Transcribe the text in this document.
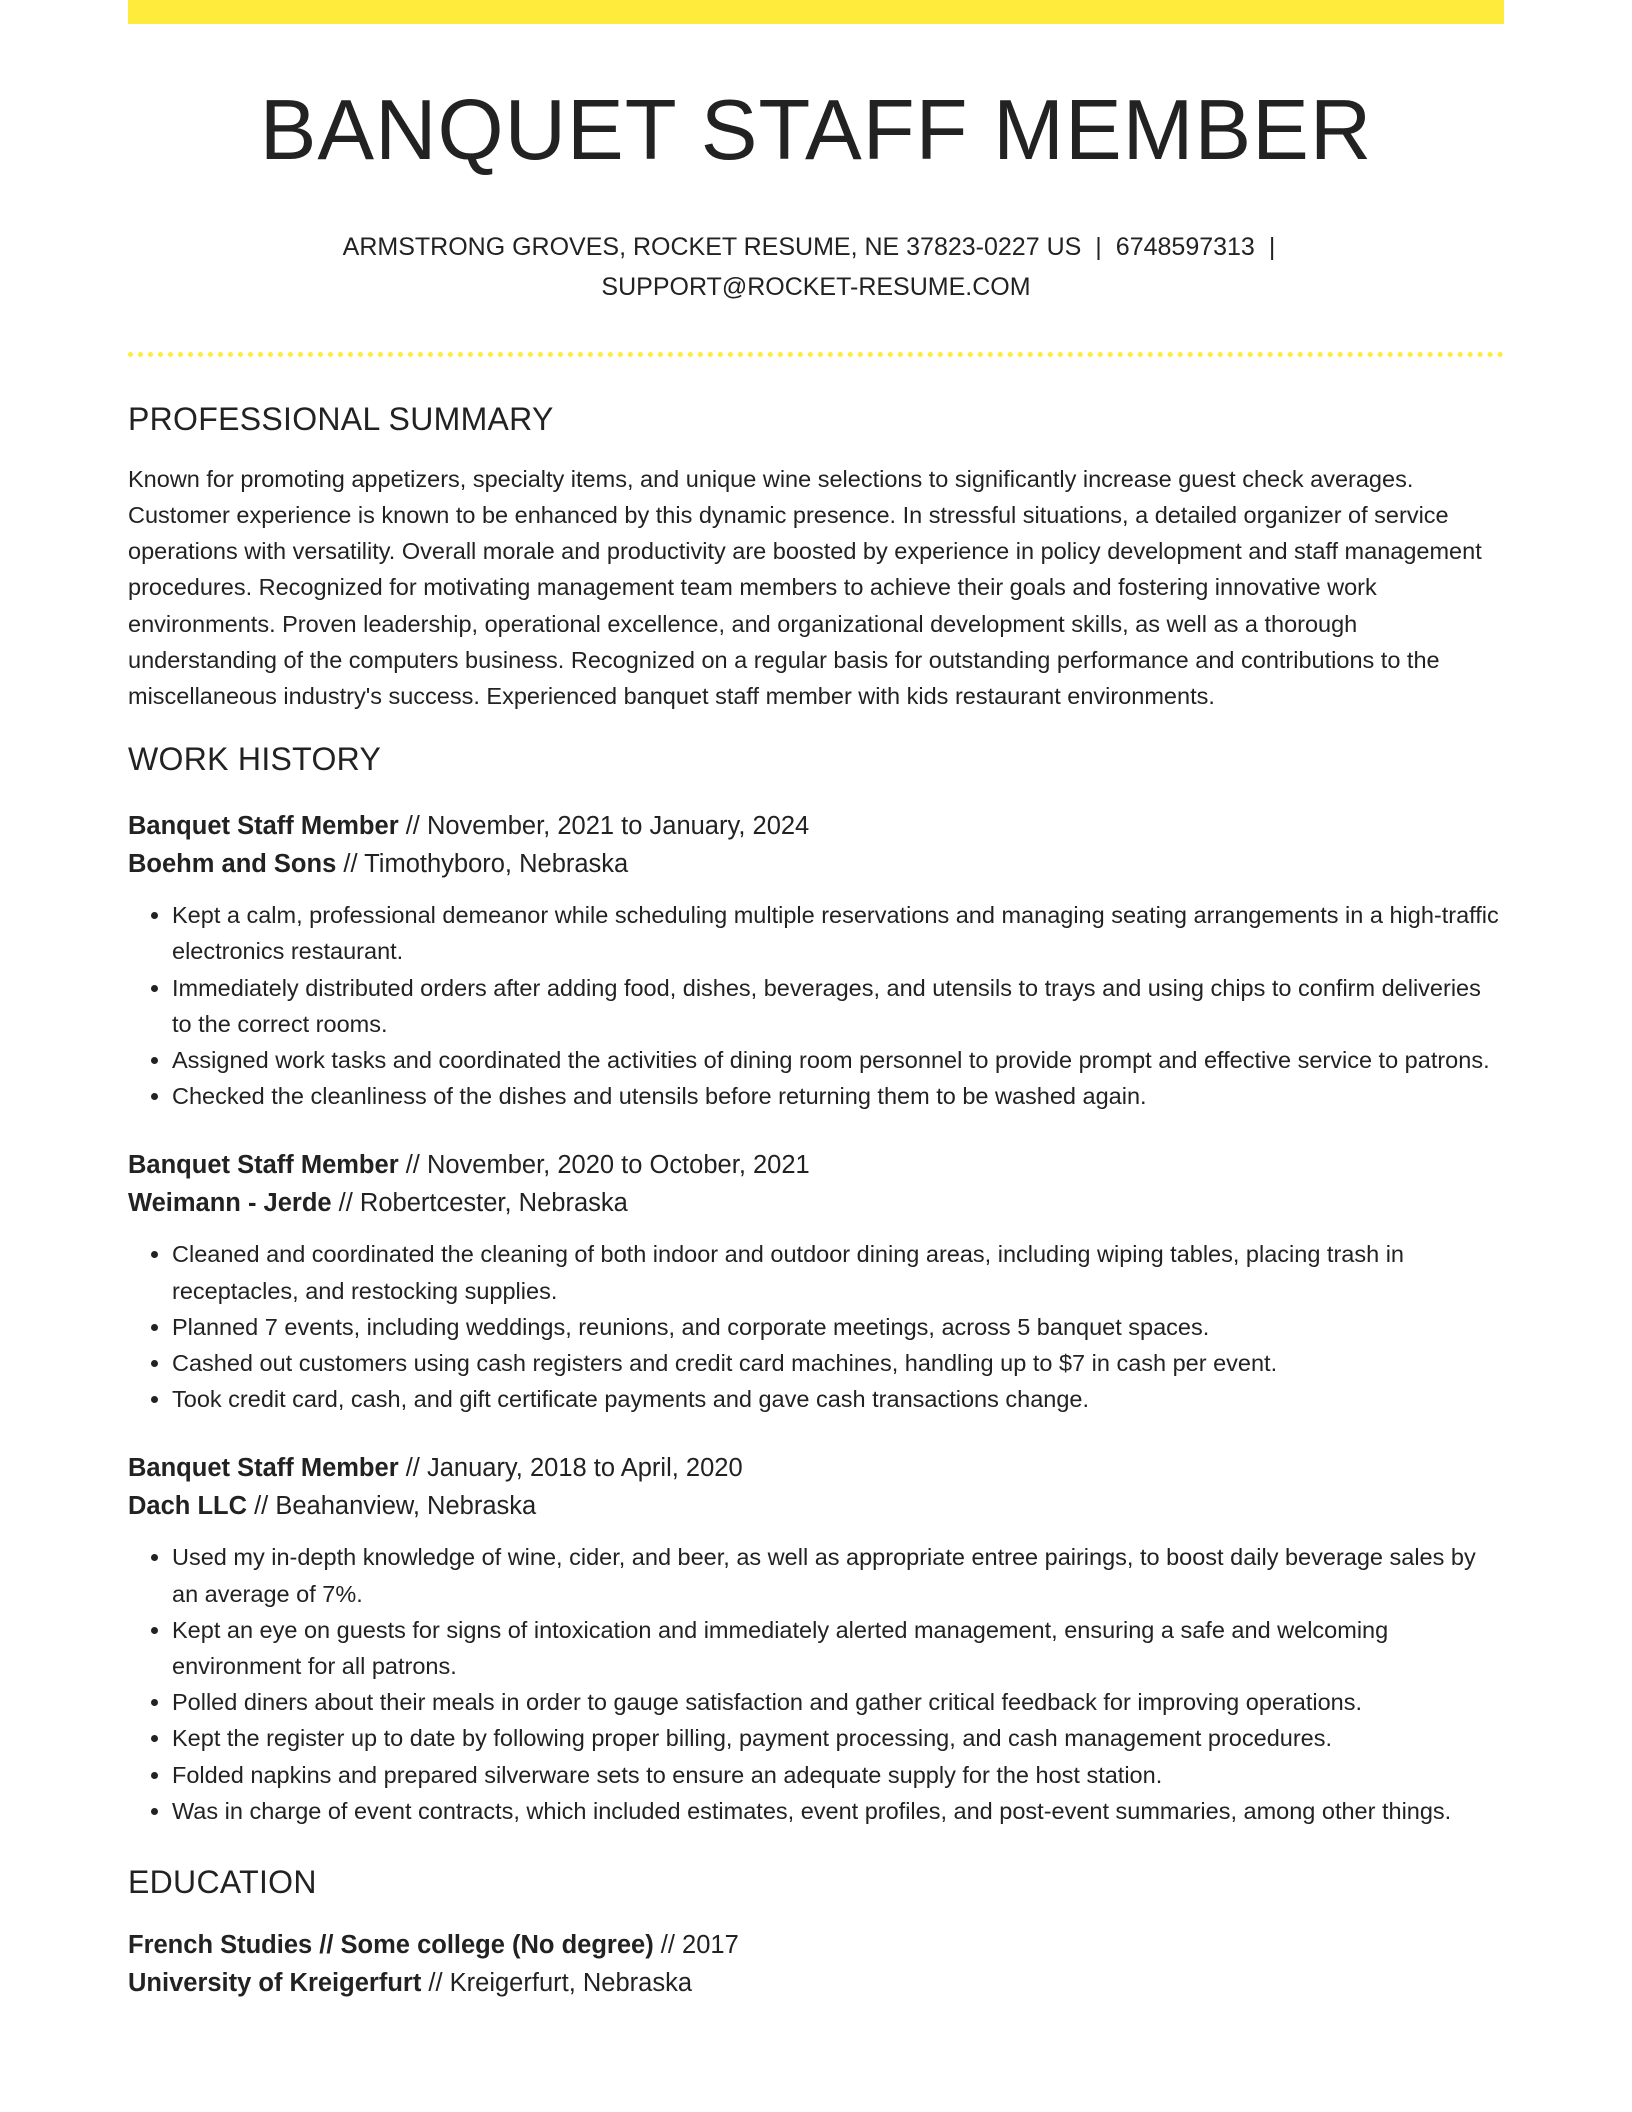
BANQUET STAFF MEMBER
ARMSTRONG GROVES, ROCKET RESUME, NE 37823-0227 US | 6748597313 |
SUPPORT@ROCKET-RESUME.COM
PROFESSIONAL SUMMARY
Known for promoting appetizers, specialty items, and unique wine selections to significantly increase guest check averages. Customer experience is known to be enhanced by this dynamic presence. In stressful situations, a detailed organizer of service operations with versatility. Overall morale and productivity are boosted by experience in policy development and staff management procedures. Recognized for motivating management team members to achieve their goals and fostering innovative work environments. Proven leadership, operational excellence, and organizational development skills, as well as a thorough understanding of the computers business. Recognized on a regular basis for outstanding performance and contributions to the miscellaneous industry's success. Experienced banquet staff member with kids restaurant environments.
WORK HISTORY
Banquet Staff Member // November, 2021 to January, 2024
Boehm and Sons // Timothyboro, Nebraska
• Kept a calm, professional demeanor while scheduling multiple reservations and managing seating arrangements in a high-traffic electronics restaurant.
• Immediately distributed orders after adding food, dishes, beverages, and utensils to trays and using chips to confirm deliveries to the correct rooms.
• Assigned work tasks and coordinated the activities of dining room personnel to provide prompt and effective service to patrons.
• Checked the cleanliness of the dishes and utensils before returning them to be washed again.
Banquet Staff Member // November, 2020 to October, 2021
Weimann - Jerde // Robertcester, Nebraska
• Cleaned and coordinated the cleaning of both indoor and outdoor dining areas, including wiping tables, placing trash in receptacles, and restocking supplies.
• Planned 7 events, including weddings, reunions, and corporate meetings, across 5 banquet spaces.
• Cashed out customers using cash registers and credit card machines, handling up to $7 in cash per event.
• Took credit card, cash, and gift certificate payments and gave cash transactions change.
Banquet Staff Member // January, 2018 to April, 2020
Dach LLC // Beahanview, Nebraska
• Used my in-depth knowledge of wine, cider, and beer, as well as appropriate entree pairings, to boost daily beverage sales by an average of 7%.
• Kept an eye on guests for signs of intoxication and immediately alerted management, ensuring a safe and welcoming environment for all patrons.
• Polled diners about their meals in order to gauge satisfaction and gather critical feedback for improving operations.
• Kept the register up to date by following proper billing, payment processing, and cash management procedures.
• Folded napkins and prepared silverware sets to ensure an adequate supply for the host station.
• Was in charge of event contracts, which included estimates, event profiles, and post-event summaries, among other things.
EDUCATION
French Studies // Some college (No degree) // 2017
University of Kreigerfurt // Kreigerfurt, Nebraska
